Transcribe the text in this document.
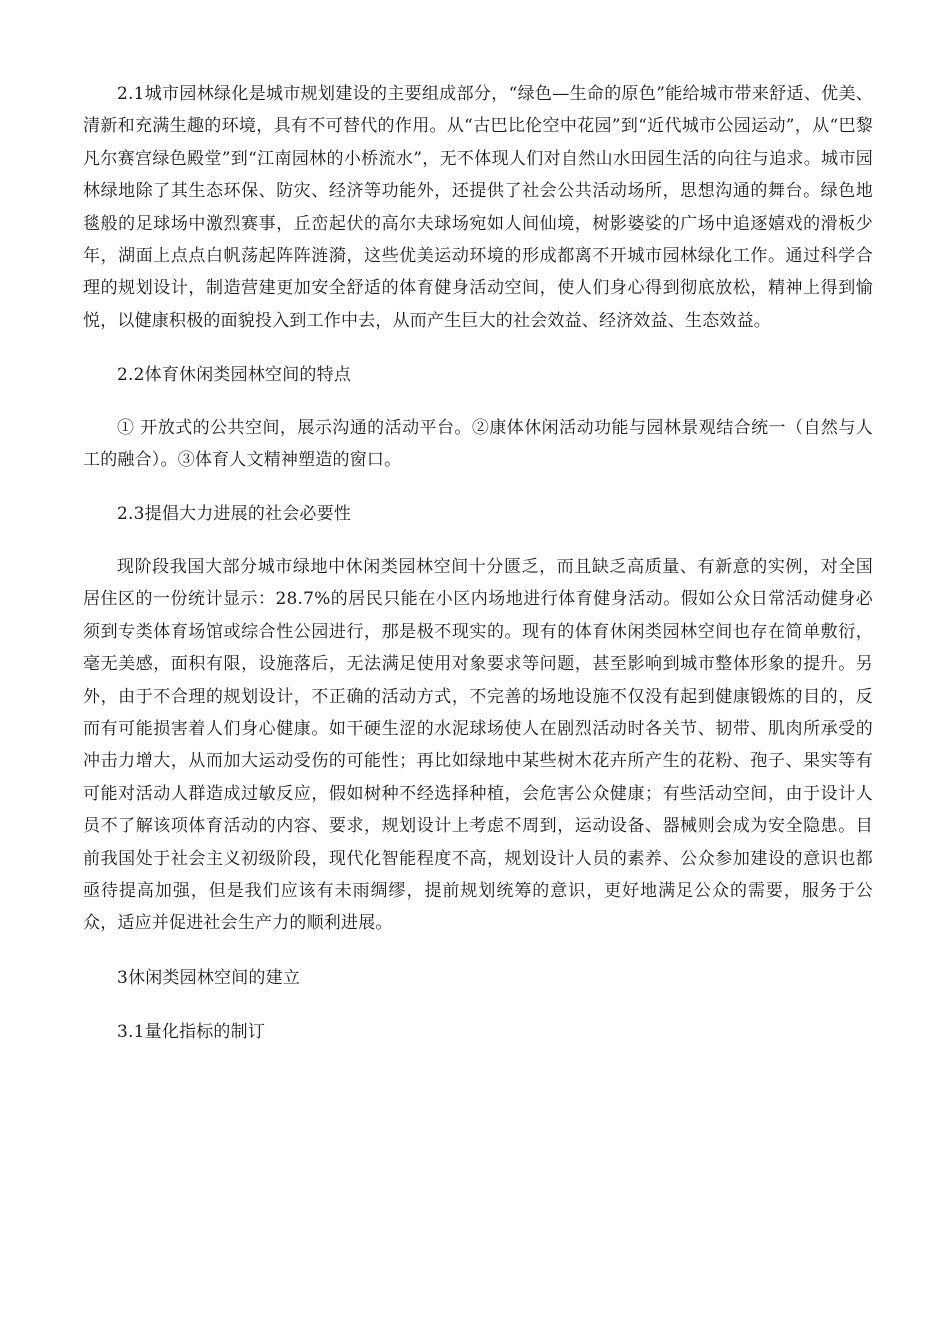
2.1城市园林绿化是城市规划建设的主要组成部分，“绿色—生命的原色”能给城市带来舒适、优美、清新和充满生趣的环境，具有不可替代的作用。从“古巴比伦空中花园”到“近代城市公园运动”，从“巴黎凡尔赛宫绿色殿堂”到“江南园林的小桥流水”，无不体现人们对自然山水田园生活的向往与追求。城市园林绿地除了其生态环保、防灾、经济等功能外，还提供了社会公共活动场所，思想沟通的舞台。绿色地毯般的足球场中激烈赛事，丘峦起伏的高尔夫球场宛如人间仙境，树影婆娑的广场中追逐嬉戏的滑板少年，湖面上点点白帆荡起阵阵涟漪，这些优美运动环境的形成都离不开城市园林绿化工作。通过科学合理的规划设计，制造营建更加安全舒适的体育健身活动空间，使人们身心得到彻底放松，精神上得到愉悦，以健康积极的面貌投入到工作中去，从而产生巨大的社会效益、经济效益、生态效益。

2.2体育休闲类园林空间的特点

① 开放式的公共空间，展示沟通的活动平台。②康体休闲活动功能与园林景观结合统一（自然与人工的融合）。③体育人文精神塑造的窗口。

2.3提倡大力进展的社会必要性

现阶段我国大部分城市绿地中休闲类园林空间十分匮乏，而且缺乏高质量、有新意的实例，对全国居住区的一份统计显示：28.7%的居民只能在小区内场地进行体育健身活动。假如公众日常活动健身必须到专类体育场馆或综合性公园进行，那是极不现实的。现有的体育休闲类园林空间也存在简单敷衍，毫无美感，面积有限，设施落后，无法满足使用对象要求等问题，甚至影响到城市整体形象的提升。另外，由于不合理的规划设计，不正确的活动方式，不完善的场地设施不仅没有起到健康锻炼的目的，反而有可能损害着人们身心健康。如干硬生涩的水泥球场使人在剧烈活动时各关节、韧带、肌肉所承受的冲击力增大，从而加大运动受伤的可能性；再比如绿地中某些树木花卉所产生的花粉、孢子、果实等有可能对活动人群造成过敏反应，假如树种不经选择种植，会危害公众健康；有些活动空间，由于设计人员不了解该项体育活动的内容、要求，规划设计上考虑不周到，运动设备、器械则会成为安全隐患。目前我国处于社会主义初级阶段，现代化智能程度不高，规划设计人员的素养、公众参加建设的意识也都亟待提高加强，但是我们应该有未雨绸缪，提前规划统筹的意识，更好地满足公众的需要，服务于公众，适应并促进社会生产力的顺利进展。

3休闲类园林空间的建立

3.1量化指标的制订
